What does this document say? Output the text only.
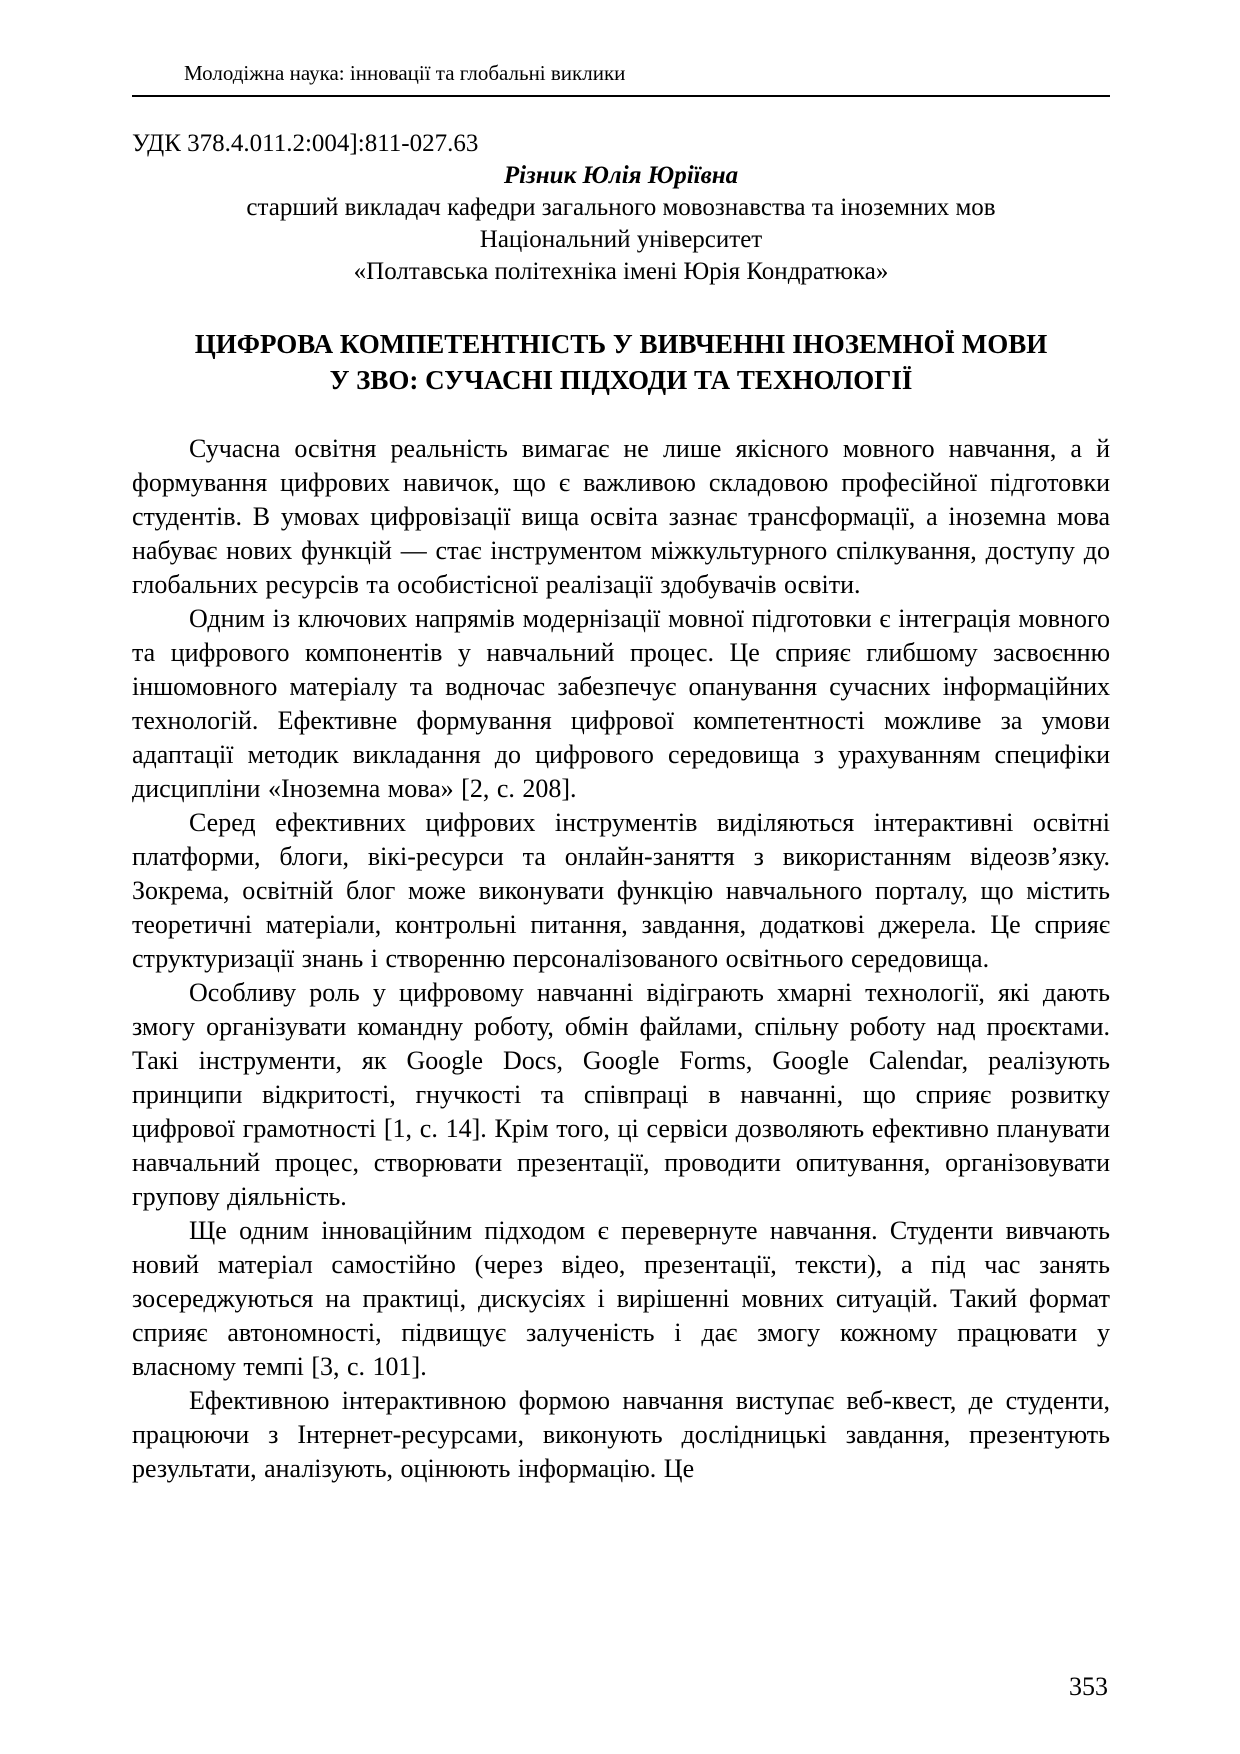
Молодіжна наука: інновації та глобальні виклики
УДК 378.4.011.2:004]:811-027.63
Різник Юлія Юріївна
старший викладач кафедри загального мовознавства та іноземних мов
Національний університет
«Полтавська політехніка імені Юрія Кондратюка»
ЦИФРОВА КОМПЕТЕНТНІСТЬ У ВИВЧЕННІ ІНОЗЕМНОЇ МОВИ
У ЗВО: СУЧАСНІ ПІДХОДИ ТА ТЕХНОЛОГІЇ

Сучасна освітня реальність вимагає не лише якісного мовного навчання, а й формування цифрових навичок, що є важливою складовою професійної підготовки студентів. В умовах цифровізації вища освіта зазнає трансформації, а іноземна мова набуває нових функцій — стає інструментом міжкультурного спілкування, доступу до глобальних ресурсів та особистісної реалізації здобувачів освіти.

Одним із ключових напрямів модернізації мовної підготовки є інтеграція мовного та цифрового компонентів у навчальний процес. Це сприяє глибшому засвоєнню іншомовного матеріалу та водночас забезпечує опанування сучасних інформаційних технологій. Ефективне формування цифрової компетентності можливе за умови адаптації методик викладання до цифрового середовища з урахуванням специфіки дисципліни «Іноземна мова» [2, с. 208].

Серед ефективних цифрових інструментів виділяються інтерактивні освітні платформи, блоги, вікі-ресурси та онлайн-заняття з використанням відеозв’язку. Зокрема, освітній блог може виконувати функцію навчального порталу, що містить теоретичні матеріали, контрольні питання, завдання, додаткові джерела. Це сприяє структуризації знань і створенню персоналізованого освітнього середовища.

Особливу роль у цифровому навчанні відіграють хмарні технології, які дають змогу організувати командну роботу, обмін файлами, спільну роботу над проєктами. Такі інструменти, як Google Docs, Google Forms, Google Calendar, реалізують принципи відкритості, гнучкості та співпраці в навчанні, що сприяє розвитку цифрової грамотності [1, с. 14]. Крім того, ці сервіси дозволяють ефективно планувати навчальний процес, створювати презентації, проводити опитування, організовувати групову діяльність.

Ще одним інноваційним підходом є перевернуте навчання. Студенти вивчають новий матеріал самостійно (через відео, презентації, тексти), а під час занять зосереджуються на практиці, дискусіях і вирішенні мовних ситуацій. Такий формат сприяє автономності, підвищує залученість і дає змогу кожному працювати у власному темпі [3, с. 101].

Ефективною інтерактивною формою навчання виступає веб-квест, де студенти, працюючи з Інтернет-ресурсами, виконують дослідницькі завдання, презентують результати, аналізують, оцінюють інформацію. Це

353
